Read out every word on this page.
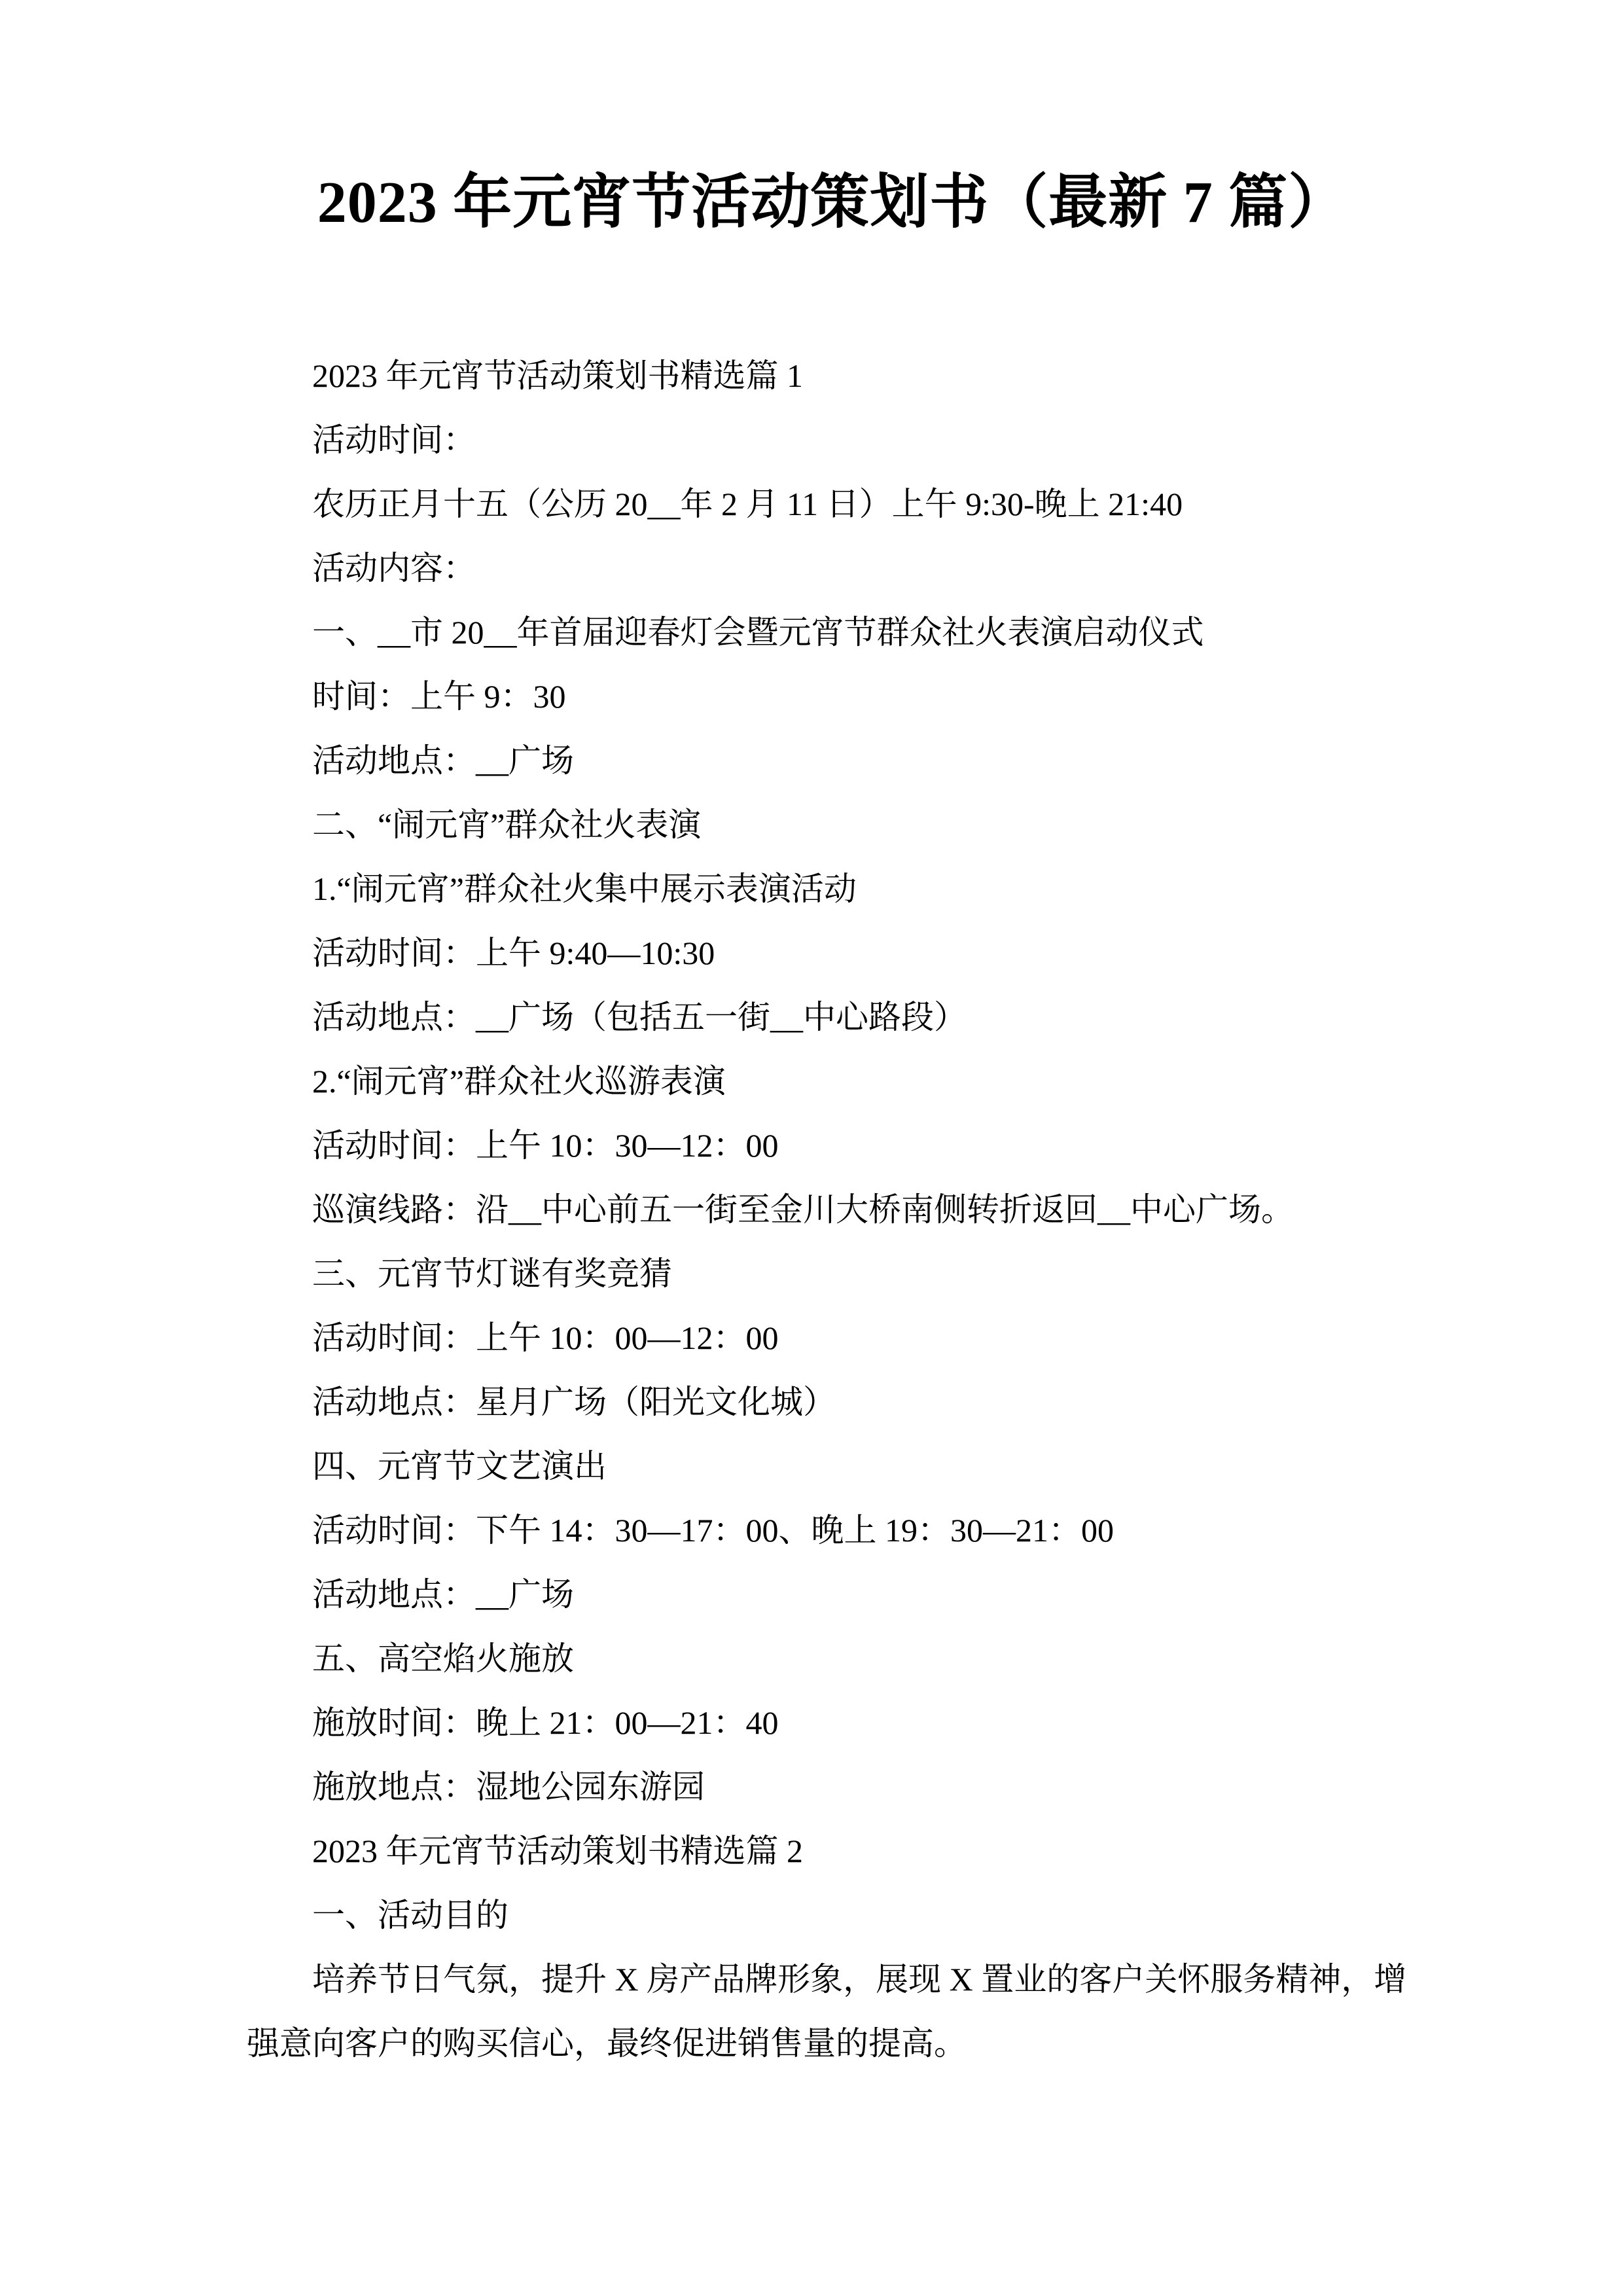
2023 年元宵节活动策划书（最新 7 篇）

2023 年元宵节活动策划书精选篇 1

活动时间：

农历正月十五（公历 20__年 2 月 11 日）上午 9:30-晚上 21:40

活动内容：

一、__市 20__年首届迎春灯会暨元宵节群众社火表演启动仪式

时间：上午 9：30

活动地点：__广场

二、“闹元宵”群众社火表演

1.“闹元宵”群众社火集中展示表演活动

活动时间：上午 9:40—10:30

活动地点：__广场（包括五一街__中心路段）

2.“闹元宵”群众社火巡游表演

活动时间：上午 10：30—12：00

巡演线路：沿__中心前五一街至金川大桥南侧转折返回__中心广场。

三、元宵节灯谜有奖竞猜

活动时间：上午 10：00—12：00

活动地点：星月广场（阳光文化城）

四、元宵节文艺演出

活动时间：下午 14：30—17：00、晚上 19：30—21：00

活动地点：__广场

五、高空焰火施放

施放时间：晚上 21：00—21：40

施放地点：湿地公园东游园

2023 年元宵节活动策划书精选篇 2

一、活动目的

培养节日气氛，提升 X 房产品牌形象，展现 X 置业的客户关怀服务精神，增强意向客户的购买信心，最终促进销售量的提高。
